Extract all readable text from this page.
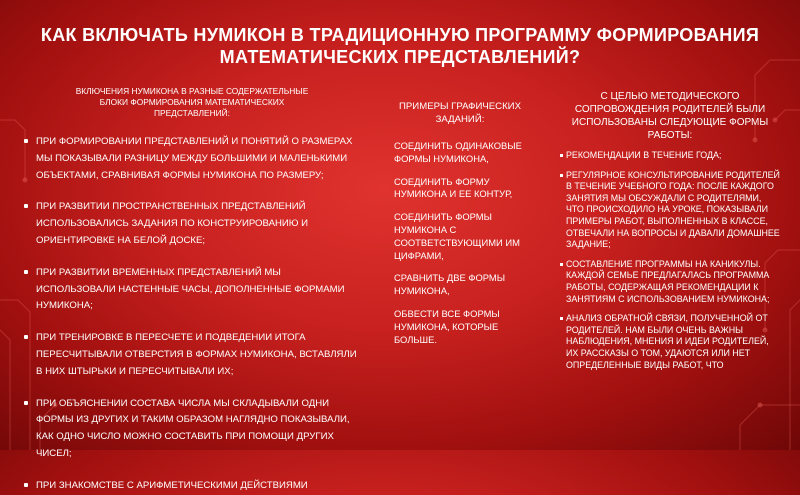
КАК ВКЛЮЧАТЬ НУМИКОН В ТРАДИЦИОННУЮ ПРОГРАММУ ФОРМИРОВАНИЯ МАТЕМАТИЧЕСКИХ ПРЕДСТАВЛЕНИЙ?
ВКЛЮЧЕНИЯ НУМИКОНА В РАЗНЫЕ СОДЕРЖАТЕЛЬНЫЕ БЛОКИ ФОРМИРОВАНИЯ МАТЕМАТИЧЕСКИХ ПРЕДСТАВЛЕНИЙ:
ПРИ ФОРМИРОВАНИИ ПРЕДСТАВЛЕНИЙ И ПОНЯТИЙ О РАЗМЕРАХ МЫ ПОКАЗЫВАЛИ РАЗНИЦУ МЕЖДУ БОЛЬШИМИ И МАЛЕНЬКИМИ ОБЪЕКТАМИ, СРАВНИВАЯ ФОРМЫ НУМИКОНА ПО РАЗМЕРУ;
ПРИ РАЗВИТИИ ПРОСТРАНСТВЕННЫХ ПРЕДСТАВЛЕНИЙ ИСПОЛЬЗОВАЛИСЬ ЗАДАНИЯ ПО КОНСТРУИРОВАНИЮ И ОРИЕНТИРОВКЕ НА БЕЛОЙ ДОСКЕ;
ПРИ РАЗВИТИИ ВРЕМЕННЫХ ПРЕДСТАВЛЕНИЙ МЫ ИСПОЛЬЗОВАЛИ НАСТЕННЫЕ ЧАСЫ, ДОПОЛНЕННЫЕ ФОРМАМИ НУМИКОНА;
ПРИ ТРЕНИРОВКЕ В ПЕРЕСЧЕТЕ И ПОДВЕДЕНИИ ИТОГА ПЕРЕСЧИТЫВАЛИ ОТВЕРСТИЯ В ФОРМАХ НУМИКОНА, ВСТАВЛЯЛИ В НИХ ШТЫРЬКИ И ПЕРЕСЧИТЫВАЛИ ИХ;
ПРИ ОБЪЯСНЕНИИ СОСТАВА ЧИСЛА МЫ СКЛАДЫВАЛИ ОДНИ ФОРМЫ ИЗ ДРУГИХ И ТАКИМ ОБРАЗОМ НАГЛЯДНО ПОКАЗЫВАЛИ, КАК ОДНО ЧИСЛО МОЖНО СОСТАВИТЬ ПРИ ПОМОЩИ ДРУГИХ ЧИСЕЛ;
ПРИ ЗНАКОМСТВЕ С АРИФМЕТИЧЕСКИМИ ДЕЙСТВИЯМИ
ПРИМЕРЫ ГРАФИЧЕСКИХ ЗАДАНИЙ:
СОЕДИНИТЬ ОДИНАКОВЫЕ ФОРМЫ НУМИКОНА,
СОЕДИНИТЬ ФОРМУ НУМИКОНА И ЕЕ КОНТУР,
СОЕДИНИТЬ ФОРМЫ НУМИКОНА С СООТВЕТСТВУЮЩИМИ ИМ ЦИФРАМИ,
СРАВНИТЬ ДВЕ ФОРМЫ НУМИКОНА,
ОБВЕСТИ ВСЕ ФОРМЫ НУМИКОНА, КОТОРЫЕ БОЛЬШЕ.
С ЦЕЛЬЮ МЕТОДИЧЕСКОГО СОПРОВОЖДЕНИЯ РОДИТЕЛЕЙ БЫЛИ ИСПОЛЬЗОВАНЫ СЛЕДУЮЩИЕ ФОРМЫ РАБОТЫ:
РЕКОМЕНДАЦИИ В ТЕЧЕНИЕ ГОДА;
РЕГУЛЯРНОЕ КОНСУЛЬТИРОВАНИЕ РОДИТЕЛЕЙ В ТЕЧЕНИЕ УЧЕБНОГО ГОДА: ПОСЛЕ КАЖДОГО ЗАНЯТИЯ МЫ ОБСУЖДАЛИ С РОДИТЕЛЯМИ, ЧТО ПРОИСХОДИЛО НА УРОКЕ, ПОКАЗЫВАЛИ ПРИМЕРЫ РАБОТ, ВЫПОЛНЕННЫХ В КЛАССЕ, ОТВЕЧАЛИ НА ВОПРОСЫ И ДАВАЛИ ДОМАШНЕЕ ЗАДАНИЕ;
СОСТАВЛЕНИЕ ПРОГРАММЫ НА КАНИКУЛЫ. КАЖДОЙ СЕМЬЕ ПРЕДЛАГАЛАСЬ ПРОГРАММА РАБОТЫ, СОДЕРЖАЩАЯ РЕКОМЕНДАЦИИ К ЗАНЯТИЯМ С ИСПОЛЬЗОВАНИЕМ НУМИКОНА;
АНАЛИЗ ОБРАТНОЙ СВЯЗИ, ПОЛУЧЕННОЙ ОТ РОДИТЕЛЕЙ. НАМ БЫЛИ ОЧЕНЬ ВАЖНЫ НАБЛЮДЕНИЯ, МНЕНИЯ И ИДЕИ РОДИТЕЛЕЙ, ИХ РАССКАЗЫ О ТОМ, УДАЮТСЯ ИЛИ НЕТ ОПРЕДЕЛЕННЫЕ ВИДЫ РАБОТ, ЧТО
